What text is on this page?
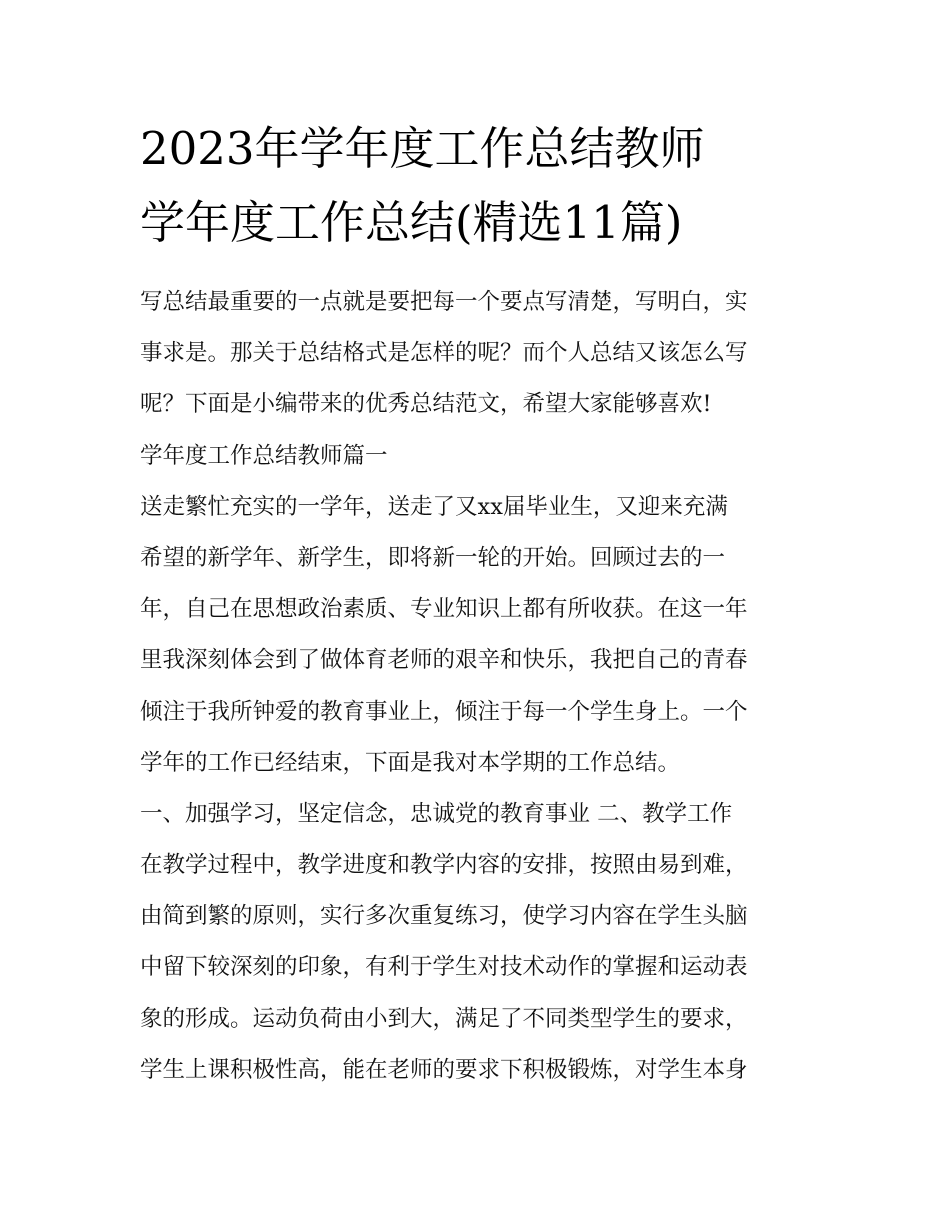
2023年学年度工作总结教师
学年度工作总结(精选11篇)
写总结最重要的一点就是要把每一个要点写清楚，写明白，实
事求是。那关于总结格式是怎样的呢？而个人总结又该怎么写
呢？下面是小编带来的优秀总结范文，希望大家能够喜欢!
学年度工作总结教师篇一
送走繁忙充实的一学年，送走了又xx届毕业生，又迎来充满
希望的新学年、新学生，即将新一轮的开始。回顾过去的一
年，自己在思想政治素质、专业知识上都有所收获。在这一年
里我深刻体会到了做体育老师的艰辛和快乐，我把自己的青春
倾注于我所钟爱的教育事业上，倾注于每一个学生身上。一个
学年的工作已经结束，下面是我对本学期的工作总结。
一、加强学习，坚定信念，忠诚党的教育事业 二、教学工作
在教学过程中，教学进度和教学内容的安排，按照由易到难，
由简到繁的原则，实行多次重复练习，使学习内容在学生头脑
中留下较深刻的印象，有利于学生对技术动作的掌握和运动表
象的形成。运动负荷由小到大，满足了不同类型学生的要求，
学生上课积极性高，能在老师的要求下积极锻炼，对学生本身
